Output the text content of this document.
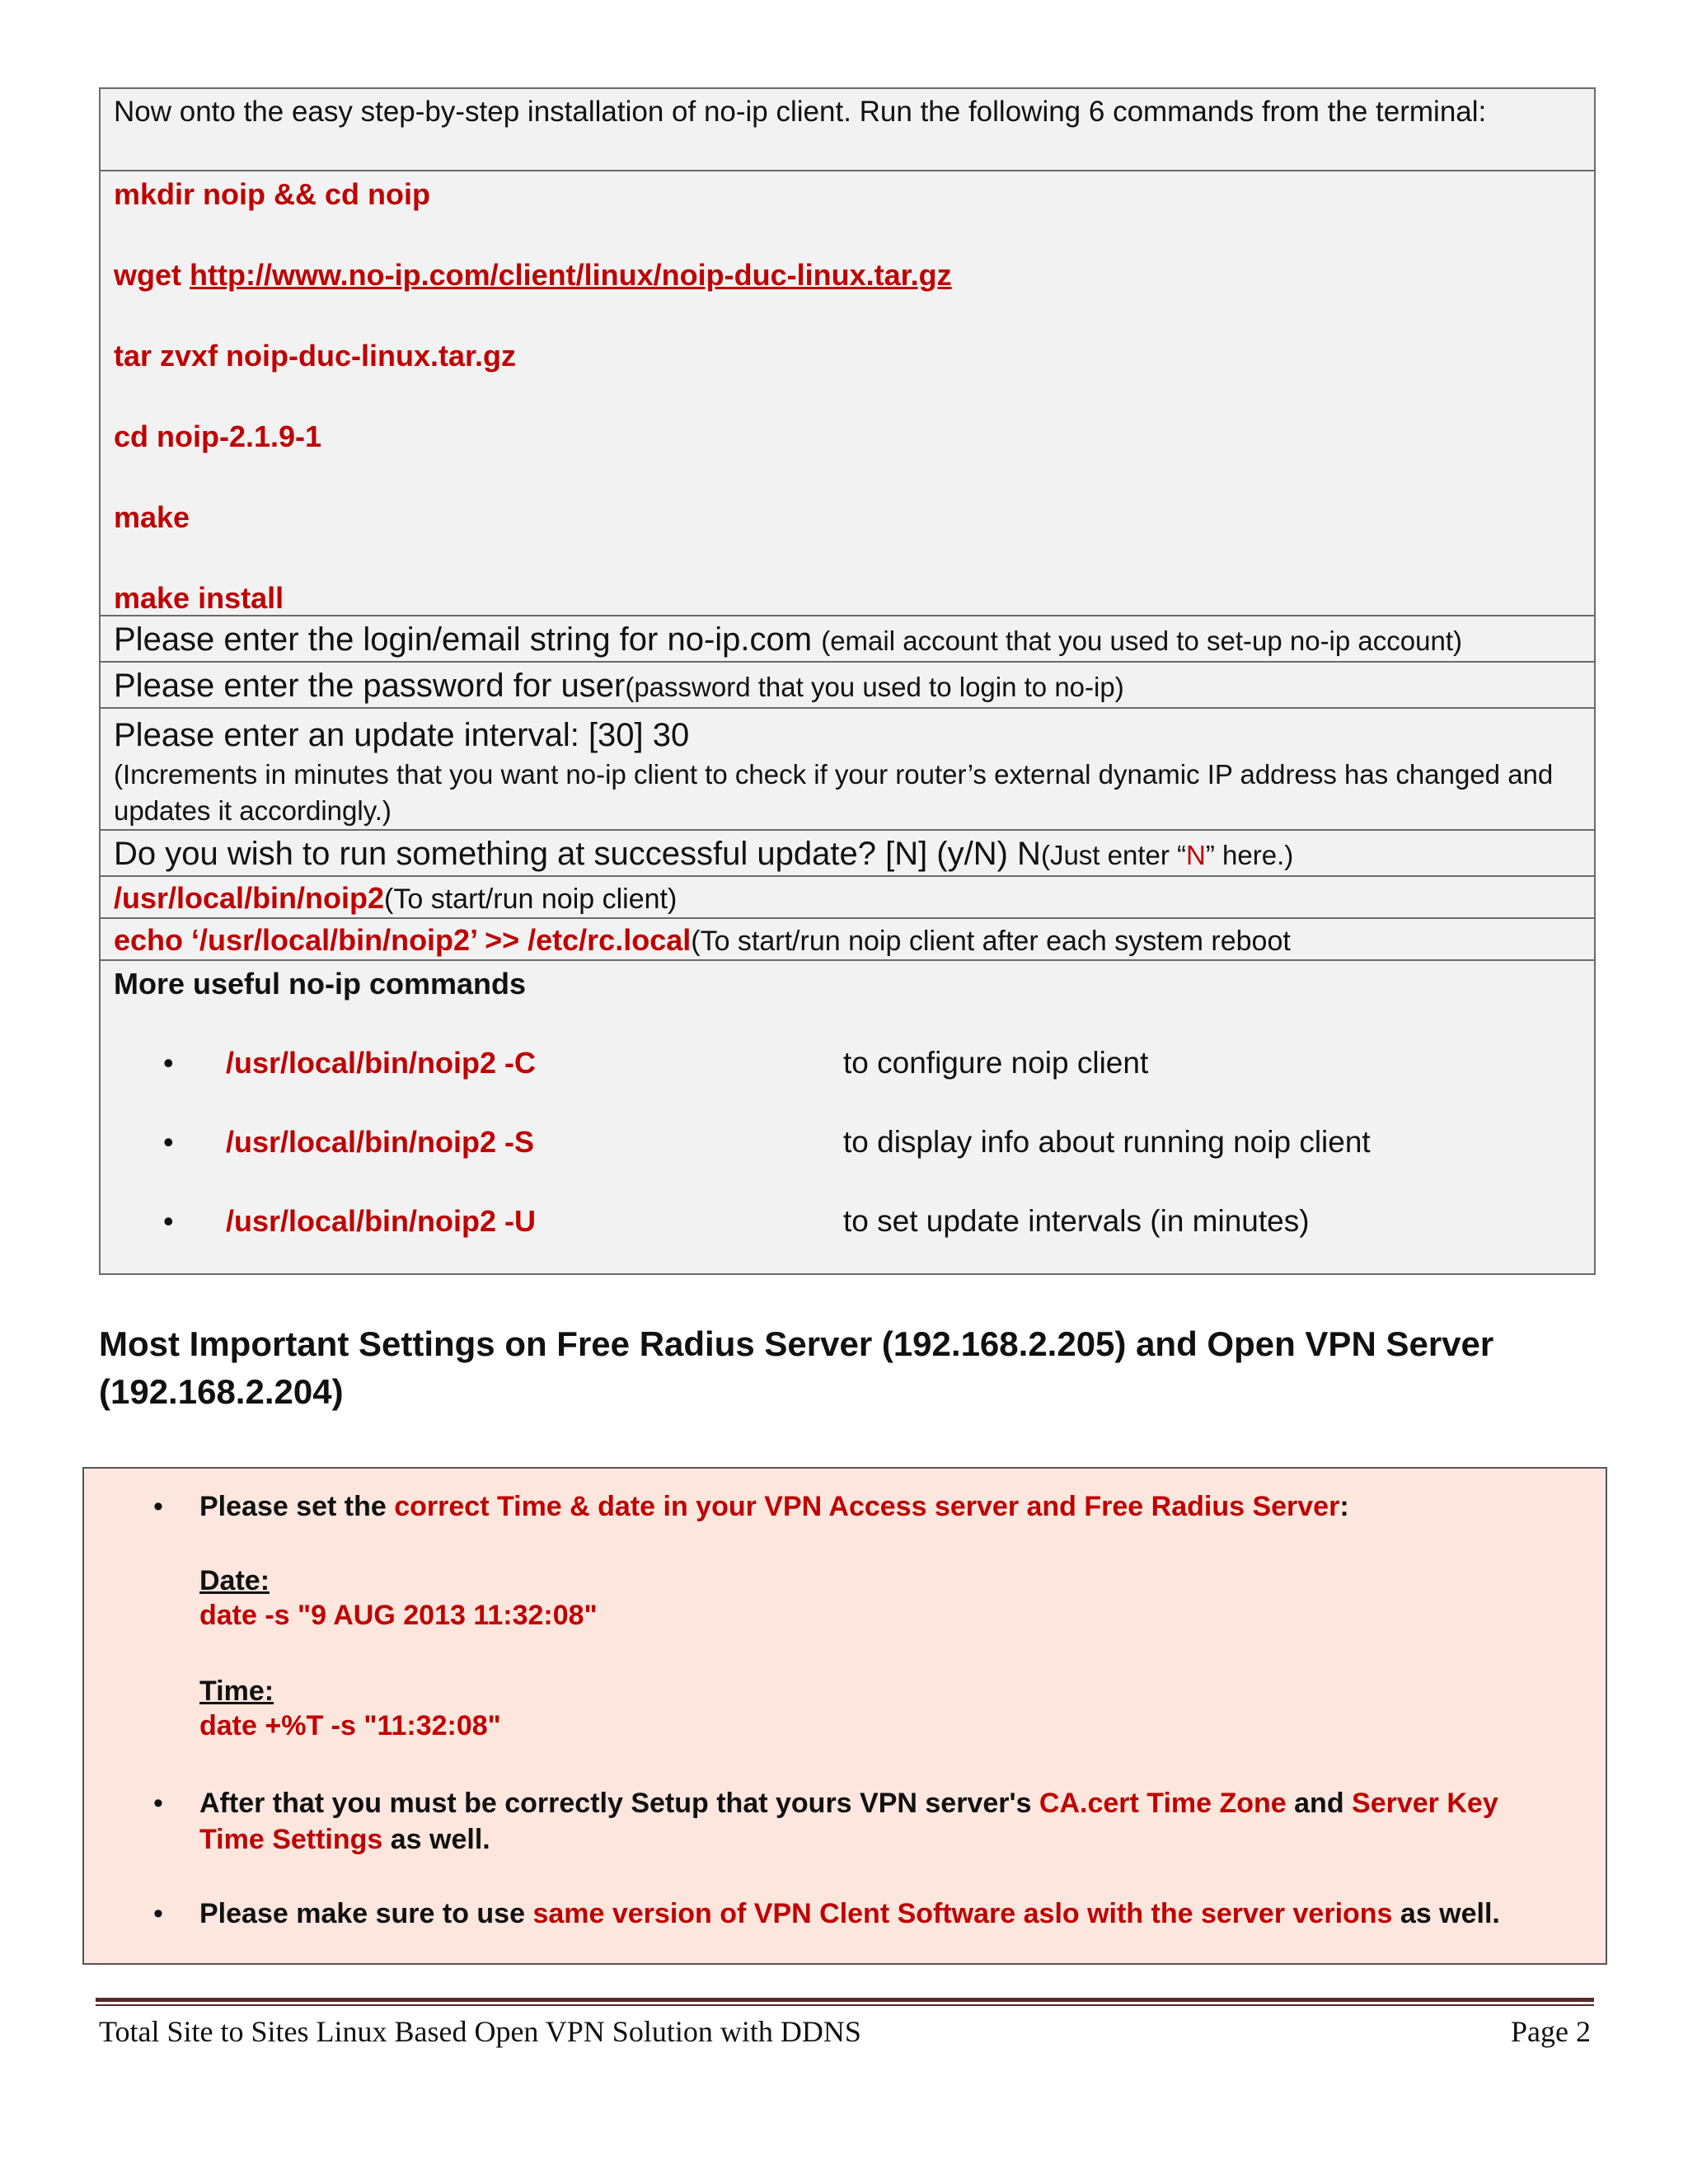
Now onto the easy step-by-step installation of no-ip client. Run the following 6 commands from the terminal:
mkdir noip && cd noip
wget http://www.no-ip.com/client/linux/noip-duc-linux.tar.gz
tar zvxf noip-duc-linux.tar.gz
cd noip-2.1.9-1
make
make install
Please enter the login/email string for no-ip.com (email account that you used to set-up no-ip account)
Please enter the password for user(password that you used to login to no-ip)
Please enter an update interval: [30] 30
(Increments in minutes that you want no-ip client to check if your router’s external dynamic IP address has changed and updates it accordingly.)
Do you wish to run something at successful update? [N] (y/N) N(Just enter “N” here.)
/usr/local/bin/noip2(To start/run noip client)
echo ‘/usr/local/bin/noip2’ >> /etc/rc.local(To start/run noip client after each system reboot
More useful no-ip commands
• /usr/local/bin/noip2 -C	to configure noip client
• /usr/local/bin/noip2 -S	to display info about running noip client
• /usr/local/bin/noip2 -U	to set update intervals (in minutes)
Most Important Settings on Free Radius Server (192.168.2.205) and Open VPN Server (192.168.2.204)
• Please set the correct Time & date in your VPN Access server and Free Radius Server:
Date:
date -s "9 AUG 2013 11:32:08"
Time:
date +%T -s "11:32:08"
• After that you must be correctly Setup that yours VPN server's CA.cert Time Zone and Server Key Time Settings as well.
• Please make sure to use same version of VPN Clent Software aslo with the server verions as well.
Total Site to Sites Linux Based Open VPN Solution with DDNS	Page 2
